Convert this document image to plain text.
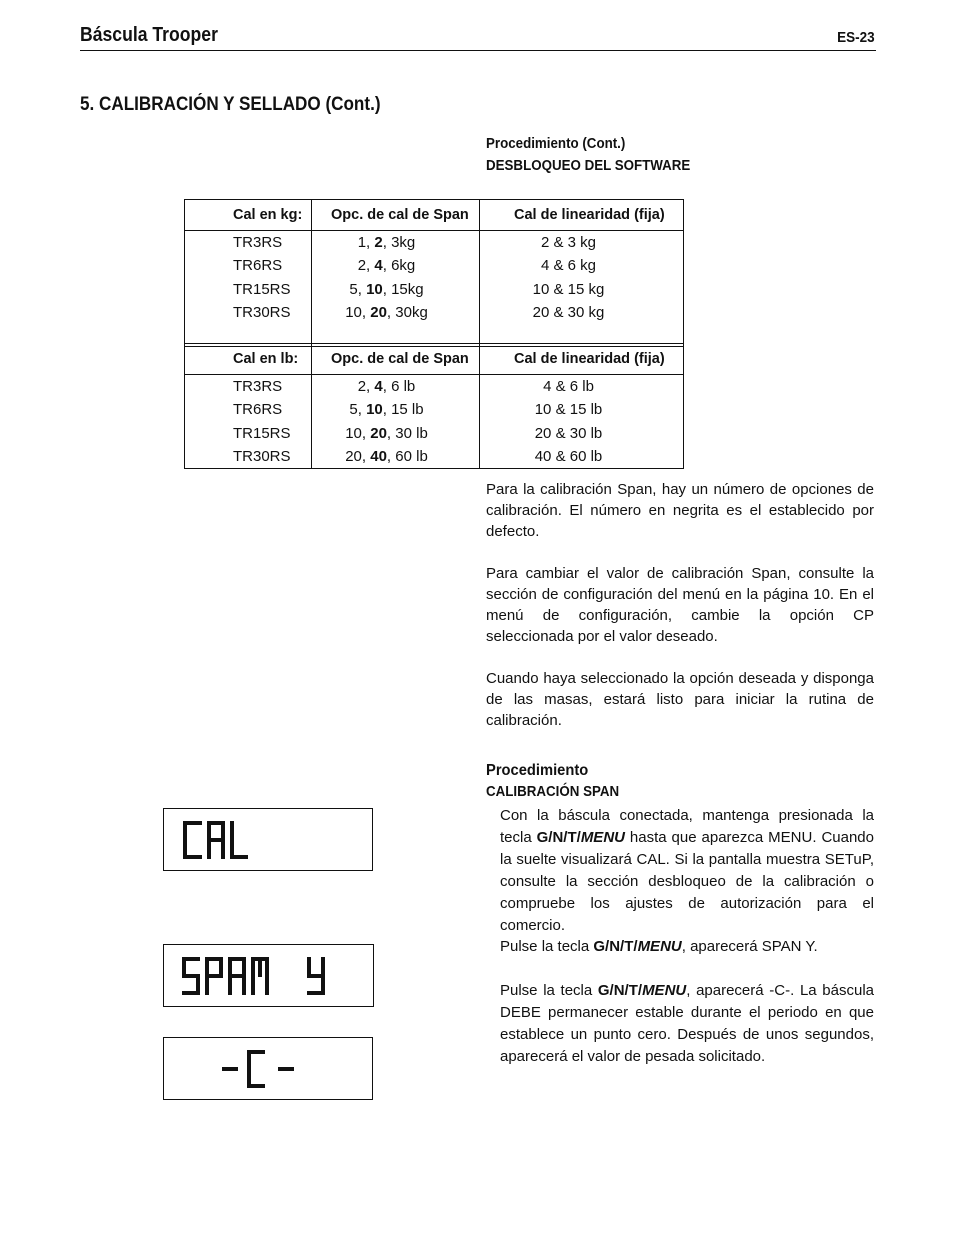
Báscula Trooper	ES-23
5. CALIBRACIÓN Y SELLADO (Cont.)
Procedimiento (Cont.)
DESBLOQUEO DEL SOFTWARE
Cal en kg:	Opc. de cal de Span	Cal de linearidad (fija)
TR3RS	1, 2, 3kg	2 & 3 kg
TR6RS	2, 4, 6kg	4 & 6 kg
TR15RS	5, 10, 15kg	10 & 15 kg
TR30RS	10, 20, 30kg	20 & 30 kg

Cal en lb:	Opc. de cal de Span	Cal de linearidad (fija)
TR3RS	2, 4, 6 lb	4 & 6 lb
TR6RS	5, 10, 15 lb	10 & 15 lb
TR15RS	10, 20, 30 lb	20 & 30 lb
TR30RS	20, 40, 60 lb	40 & 60 lb
Para la calibración Span, hay un número de opciones de calibración. El número en negrita es el establecido por defecto.
Para cambiar el valor de calibración Span, consulte la sección de configuración del menú en la página 10. En el menú de configuración, cambie la opción CP seleccionada por el valor deseado.
Cuando haya seleccionado la opción deseada y disponga de las masas, estará listo para iniciar la rutina de calibración.
Procedimiento
CALIBRACIÓN SPAN
Con la báscula conectada, mantenga presionada la tecla G/N/T/MENU hasta que aparezca MENU. Cuando la suelte visualizará CAL. Si la pantalla muestra SETuP, consulte la sección desbloqueo de la calibración o compruebe los ajustes de autorización para el comercio.
Pulse la tecla G/N/T/MENU, aparecerá SPAN Y.
Pulse la tecla G/N/T/MENU, aparecerá -C-. La báscula DEBE permanecer estable durante el periodo en que establece un punto cero. Después de unos segundos, aparecerá el valor de pesada solicitado.
